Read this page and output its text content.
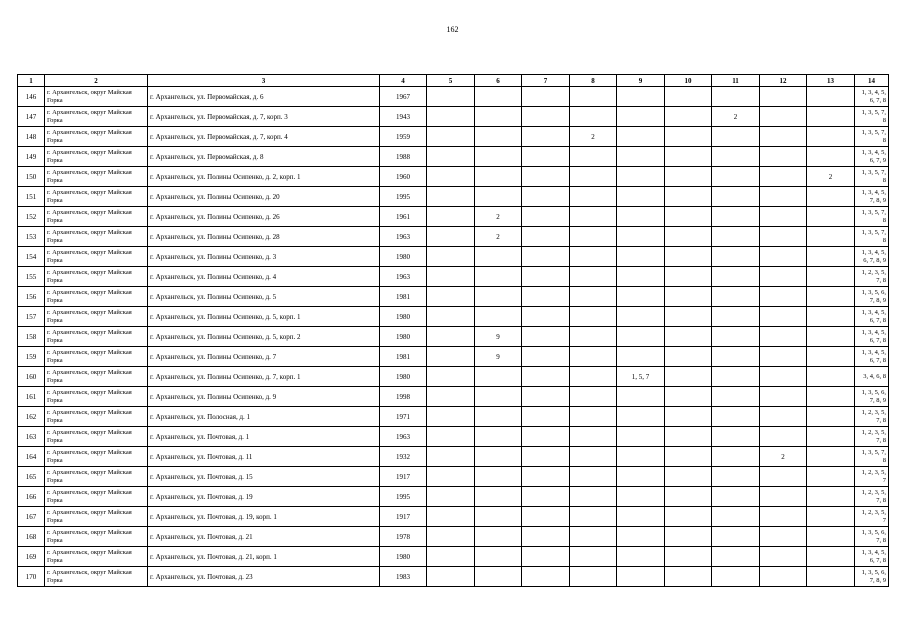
162
1	2	3	4	5	6	7	8	9	10	11	12	13	14
146	г. Архангельск, округ Майская Горка	г. Архангельск, ул. Первомайская, д. 6	1967										1, 3, 4, 5, 6, 7, 8
147	г. Архангельск, округ Майская Горка	г. Архангельск, ул. Первомайская, д. 7, корп. 3	1943							2			1, 3, 5, 7, 8
148	г. Архангельск, округ Майская Горка	г. Архангельск, ул. Первомайская, д. 7, корп. 4	1959				2						1, 3, 5, 7, 8
149	г. Архангельск, округ Майская Горка	г. Архангельск, ул. Первомайская, д. 8	1988										1, 3, 4, 5, 6, 7, 9
150	г. Архангельск, округ Майская Горка	г. Архангельск, ул. Полины Осипенко, д. 2, корп. 1	1960									2	1, 3, 5, 7, 8
151	г. Архангельск, округ Майская Горка	г. Архангельск, ул. Полины Осипенко, д. 20	1995										1, 3, 4, 5, 7, 8, 9
152	г. Архангельск, округ Майская Горка	г. Архангельск, ул. Полины Осипенко, д. 26	1961		2								1, 3, 5, 7, 8
153	г. Архангельск, округ Майская Горка	г. Архангельск, ул. Полины Осипенко, д. 28	1963		2								1, 3, 5, 7, 8
154	г. Архангельск, округ Майская Горка	г. Архангельск, ул. Полины Осипенко, д. 3	1980										1, 3, 4, 5, 6, 7, 8, 9
155	г. Архангельск, округ Майская Горка	г. Архангельск, ул. Полины Осипенко, д. 4	1963										1, 2, 3, 5, 7, 8
156	г. Архангельск, округ Майская Горка	г. Архангельск, ул. Полины Осипенко, д. 5	1981										1, 3, 5, 6, 7, 8, 9
157	г. Архангельск, округ Майская Горка	г. Архангельск, ул. Полины Осипенко, д. 5, корп. 1	1980										1, 3, 4, 5, 6, 7, 8
158	г. Архангельск, округ Майская Горка	г. Архангельск, ул. Полины Осипенко, д. 5, корп. 2	1980		9								1, 3, 4, 5, 6, 7, 8
159	г. Архангельск, округ Майская Горка	г. Архангельск, ул. Полины Осипенко, д. 7	1981		9								1, 3, 4, 5, 6, 7, 8
160	г. Архангельск, округ Майская Горка	г. Архангельск, ул. Полины Осипенко, д. 7, корп. 1	1980					1, 5, 7					3, 4, 6, 8
161	г. Архангельск, округ Майская Горка	г. Архангельск, ул. Полины Осипенко, д. 9	1998										1, 3, 5, 6, 7, 8, 9
162	г. Архангельск, округ Майская Горка	г. Архангельск, ул. Полосная, д. 1	1971										1, 2, 3, 5, 7, 8
163	г. Архангельск, округ Майская Горка	г. Архангельск, ул. Почтовая, д. 1	1963										1, 2, 3, 5, 7, 8
164	г. Архангельск, округ Майская Горка	г. Архангельск, ул. Почтовая, д. 11	1932								2		1, 3, 5, 7, 8
165	г. Архангельск, округ Майская Горка	г. Архангельск, ул. Почтовая, д. 15	1917										1, 2, 3, 5, 7
166	г. Архангельск, округ Майская Горка	г. Архангельск, ул. Почтовая, д. 19	1995										1, 2, 3, 5, 7, 8
167	г. Архангельск, округ Майская Горка	г. Архангельск, ул. Почтовая, д. 19, корп. 1	1917										1, 2, 3, 5, 7
168	г. Архангельск, округ Майская Горка	г. Архангельск, ул. Почтовая, д. 21	1978										1, 3, 5, 6, 7, 8
169	г. Архангельск, округ Майская Горка	г. Архангельск, ул. Почтовая, д. 21, корп. 1	1980										1, 3, 4, 5, 6, 7, 8
170	г. Архангельск, округ Майская Горка	г. Архангельск, ул. Почтовая, д. 23	1983										1, 3, 5, 6, 7, 8, 9
